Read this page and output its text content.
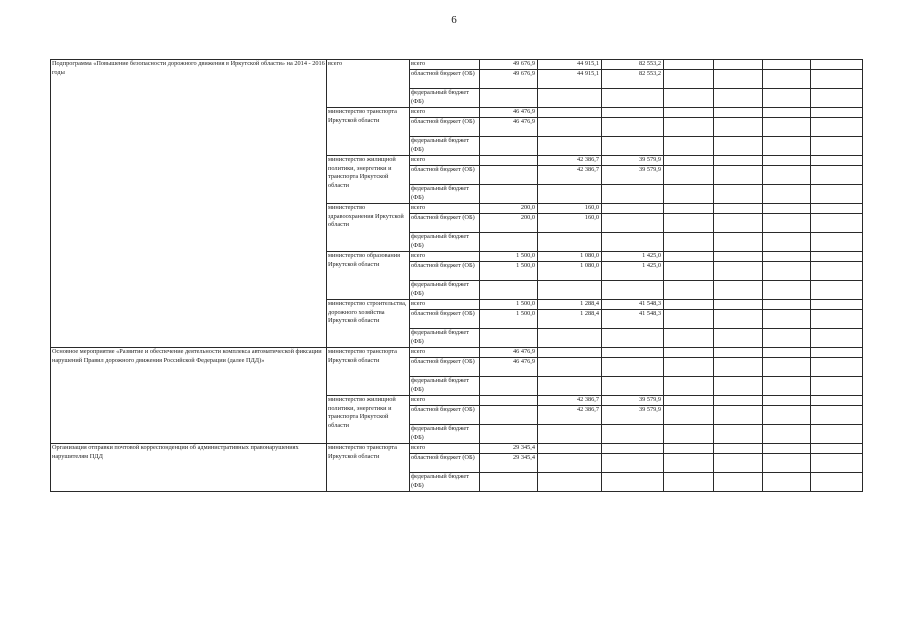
6
Подпрограмма «Повышение безопасности дорожного движения в Иркутской области» на 2014 - 2016 годы	всего	всего	49 676,9	44 915,1	82 553,2				
		областной бюджет (ОБ)	49 676,9	44 915,1	82 553,2				
		федеральный бюджет (ФБ)							
	министерство транспорта Иркутской области	всего	46 476,9						
		областной бюджет (ОБ)	46 476,9						
		федеральный бюджет (ФБ)							
	министерство жилищной политики, энергетики и транспорта Иркутской области	всего		42 386,7	39 579,9				
		областной бюджет (ОБ)		42 386,7	39 579,9				
		федеральный бюджет (ФБ)							
	министерство здравоохранения Иркутской области	всего	200,0	160,0					
		областной бюджет (ОБ)	200,0	160,0					
		федеральный бюджет (ФБ)							
	министерство образования Иркутской области	всего	1 500,0	1 080,0	1 425,0				
		областной бюджет (ОБ)	1 500,0	1 080,0	1 425,0				
		федеральный бюджет (ФБ)							
	министерство строительства, дорожного хозяйства Иркутской области	всего	1 500,0	1 288,4	41 548,3				
		областной бюджет (ОБ)	1 500,0	1 288,4	41 548,3				
		федеральный бюджет (ФБ)							
Основное мероприятие «Развитие и обеспечение деятельности комплекса автоматической фиксации нарушений Правил дорожного движения Российской Федерации (далее ПДД)»	министерство транспорта Иркутской области	всего	46 476,9						
		областной бюджет (ОБ)	46 476,9						
		федеральный бюджет (ФБ)							
	министерство жилищной политики, энергетики и транспорта Иркутской области	всего		42 386,7	39 579,9				
		областной бюджет (ОБ)		42 386,7	39 579,9				
		федеральный бюджет (ФБ)							
Организация отправки почтовой корреспонденции об административных правонарушениях нарушителям ПДД	министерство транспорта Иркутской области	всего	29 345,4						
		областной бюджет (ОБ)	29 345,4						
		федеральный бюджет (ФБ)							
